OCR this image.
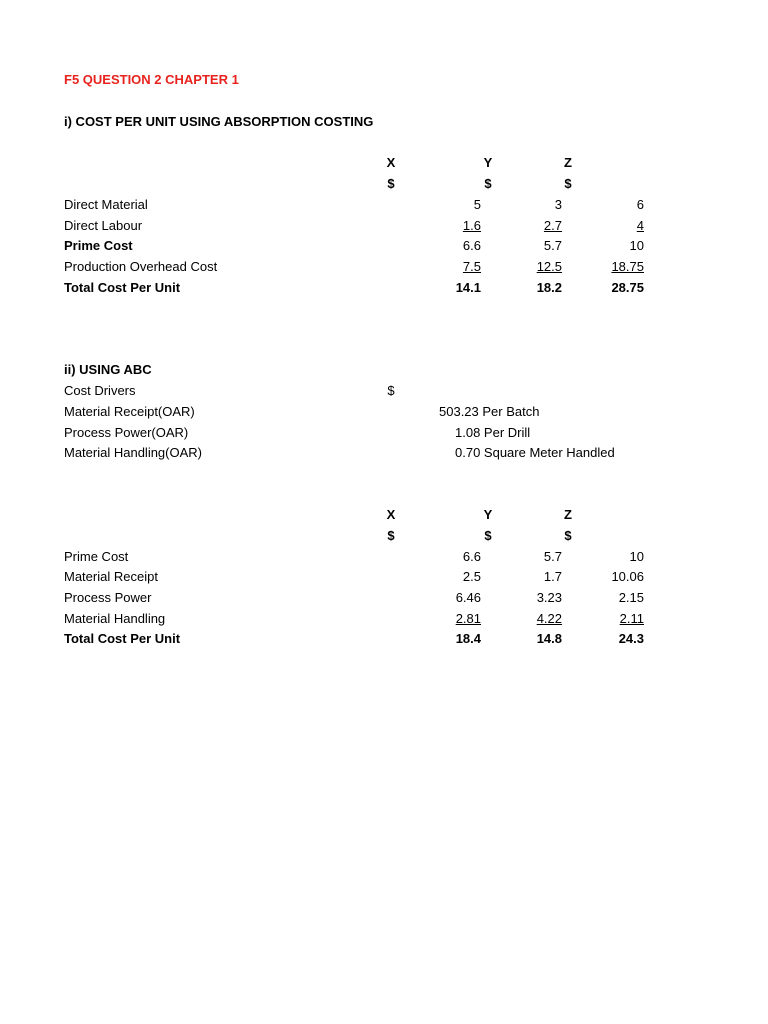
F5 QUESTION 2 CHAPTER 1
i) COST PER UNIT USING ABSORPTION COSTING
X	Y	Z
$	$	$
Direct Material	5	3	6
Direct Labour	1.6	2.7	4
Prime Cost	6.6	5.7	10
Production Overhead Cost	7.5	12.5	18.75
Total Cost Per Unit	14.1	18.2	28.75
ii) USING ABC
Cost Drivers	$
Material Receipt(OAR)	503.23 Per Batch
Process Power(OAR)	1.08 Per Drill
Material Handling(OAR)	0.70 Square Meter Handled
X	Y	Z
$	$	$
Prime Cost	6.6	5.7	10
Material Receipt	2.5	1.7	10.06
Process Power	6.46	3.23	2.15
Material Handling	2.81	4.22	2.11
Total Cost Per Unit	18.4	14.8	24.3
